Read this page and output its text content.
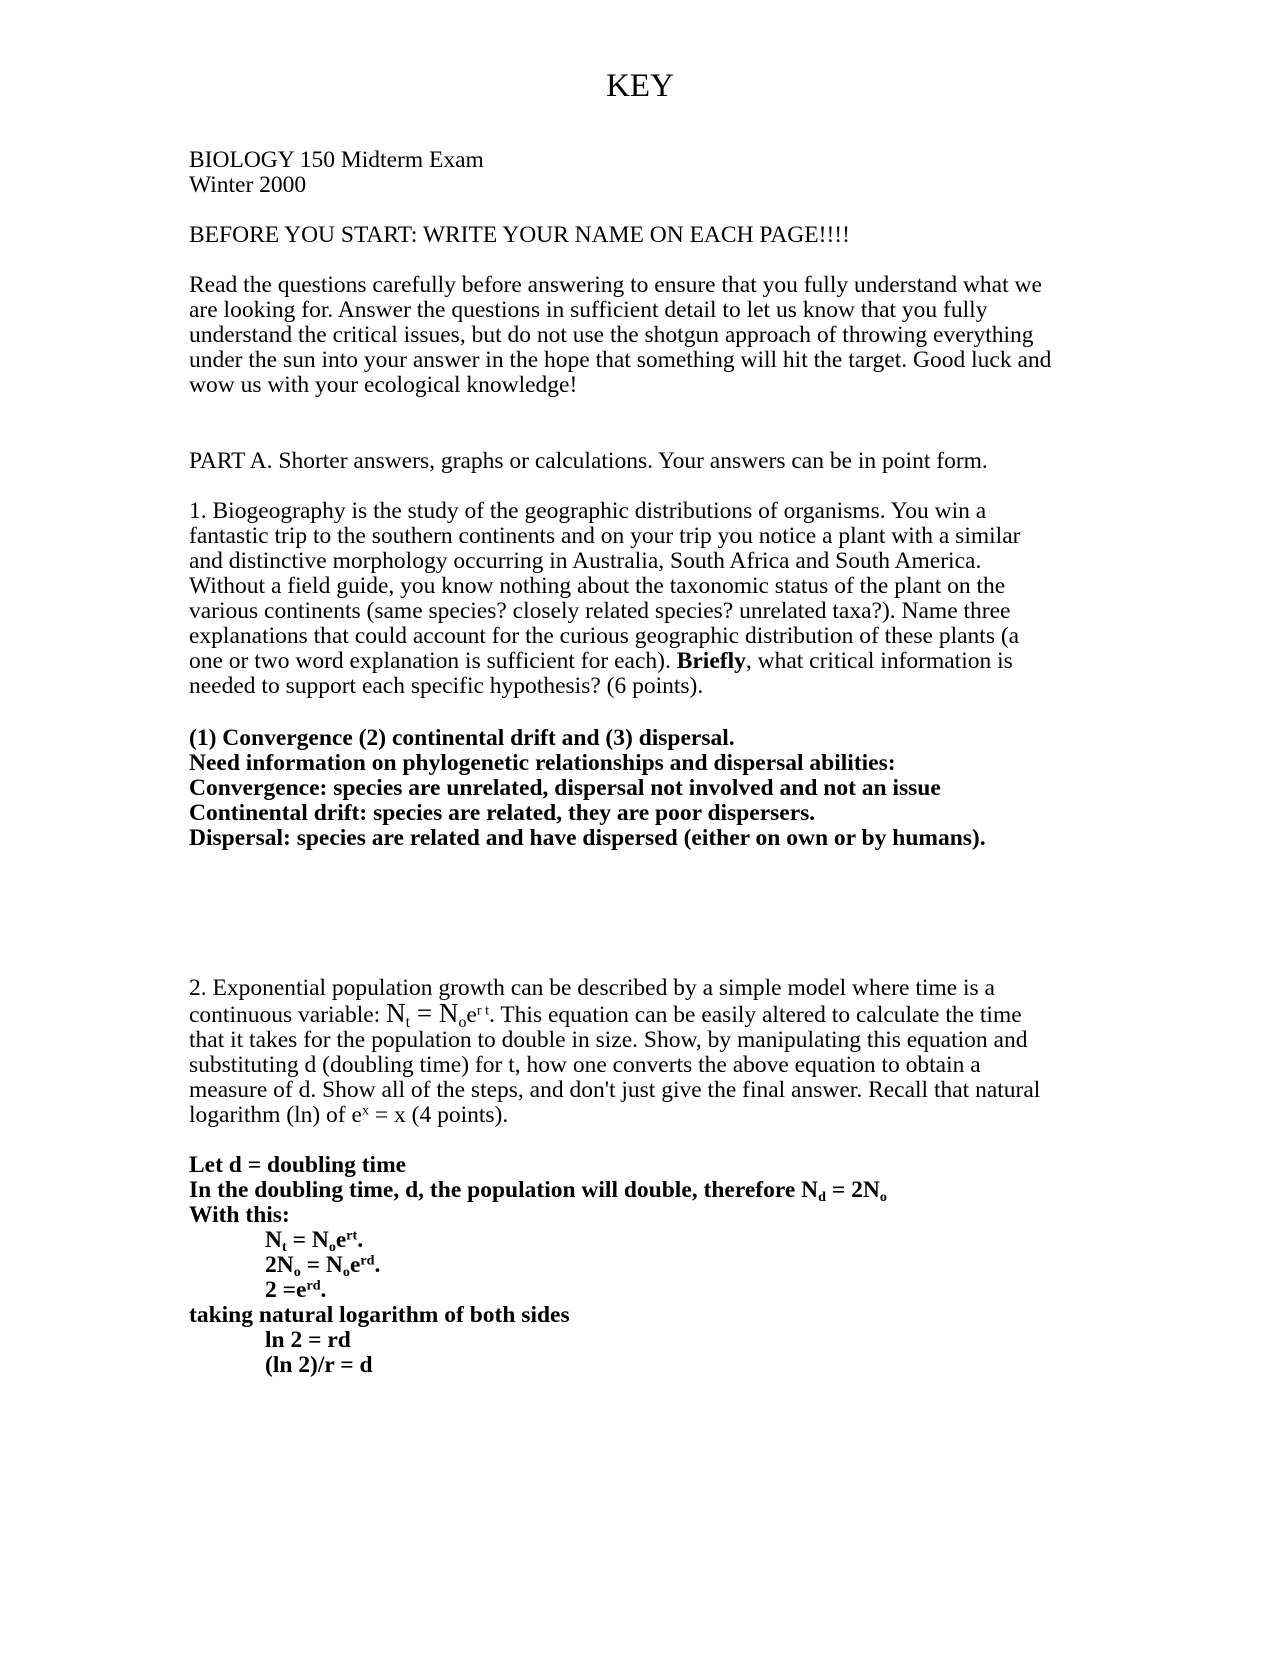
KEY
BIOLOGY 150 Midterm Exam
Winter 2000
BEFORE YOU START: WRITE YOUR NAME ON EACH PAGE!!!!
Read the questions carefully before answering to ensure that you fully understand what we
are looking for. Answer the questions in sufficient detail to let us know that you fully
understand the critical issues, but do not use the shotgun approach of throwing everything
under the sun into your answer in the hope that something will hit the target. Good luck and
wow us with your ecological knowledge!
PART A. Shorter answers, graphs or calculations. Your answers can be in point form.
1. Biogeography is the study of the geographic distributions of organisms. You win a
fantastic trip to the southern continents and on your trip you notice a plant with a similar
and distinctive morphology occurring in Australia, South Africa and South America.
Without a field guide, you know nothing about the taxonomic status of the plant on the
various continents (same species? closely related species? unrelated taxa?). Name three
explanations that could account for the curious geographic distribution of these plants (a
one or two word explanation is sufficient for each). Briefly, what critical information is
needed to support each specific hypothesis? (6 points).
(1) Convergence (2) continental drift and (3) dispersal.
Need information on phylogenetic relationships and dispersal abilities:
Convergence: species are unrelated, dispersal not involved and not an issue
Continental drift: species are related, they are poor dispersers.
Dispersal: species are related and have dispersed (either on own or by humans).
2. Exponential population growth can be described by a simple model where time is a
continuous variable: $N_t = N_oe^{r t}$. This equation can be easily altered to calculate the time
that it takes for the population to double in size. Show, by manipulating this equation and
substituting d (doubling time) for t, how one converts the above equation to obtain a
measure of d. Show all of the steps, and don't just give the final answer. Recall that natural
logarithm (ln) of $e^x = x$ (4 points).
Let d = doubling time
In the doubling time, d, the population will double, therefore $N_d = 2N_o$
With this:
$N_t = N_oe^{rt}$.
$2N_o = N_oe^{rd}$.
$2 =e^{rd}$.
taking natural logarithm of both sides
ln 2 = rd
(ln 2)/r = d
